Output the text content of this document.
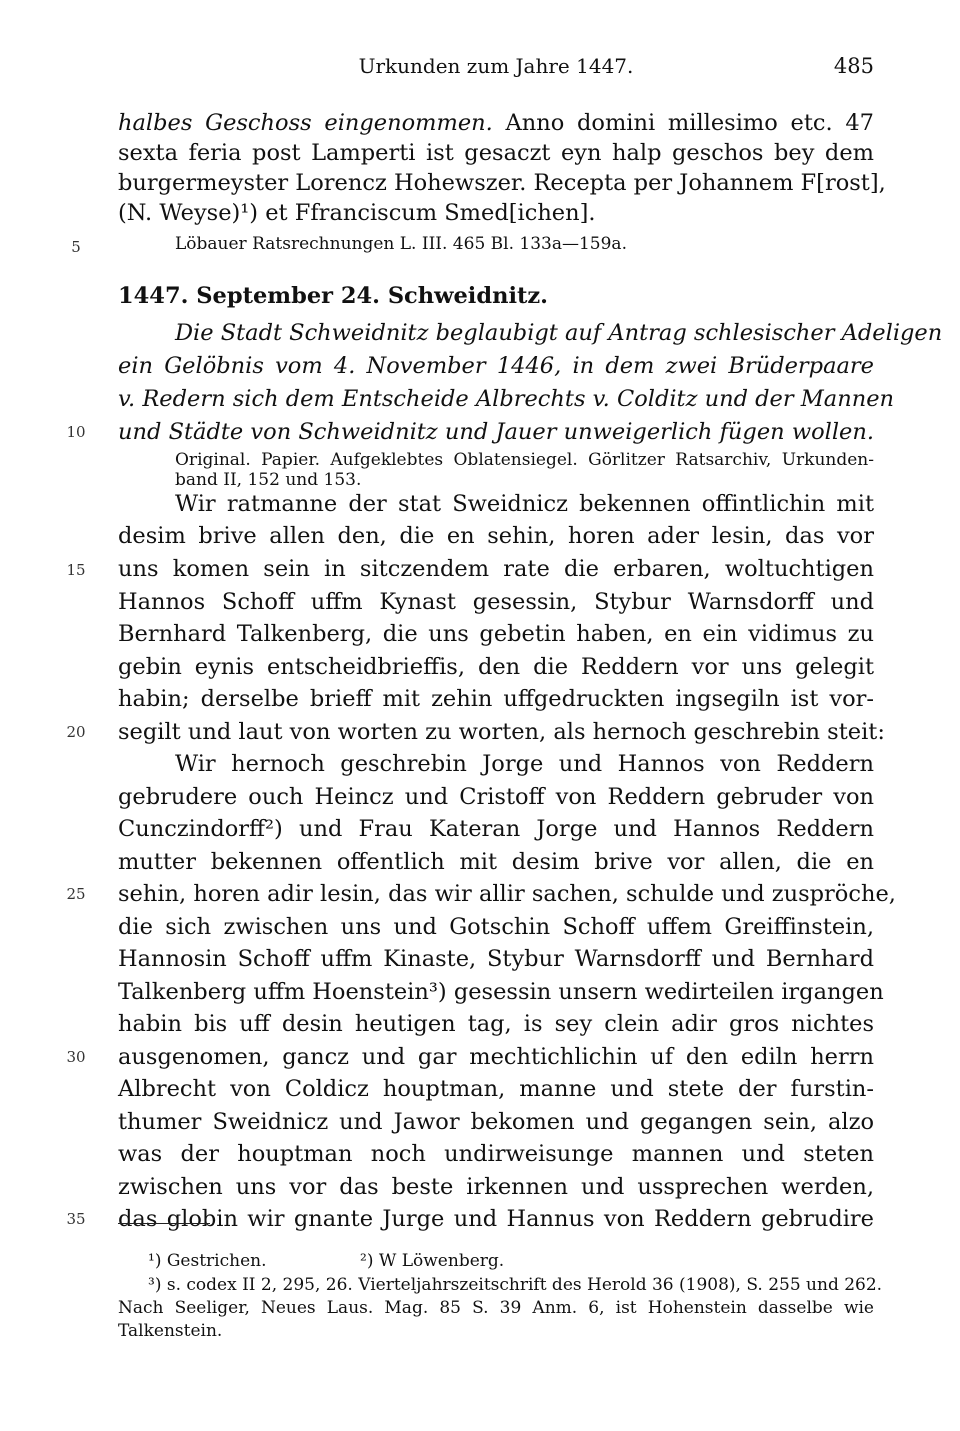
Urkunden zum Jahre 1447.	485
halbes Geschoss eingenommen. Anno domini millesimo etc. 47
sexta feria post Lamperti ist gesaczt eyn halp geschos bey dem
burgermeyster Lorencz Hohewszer. Recepta per Johannem F[rost],
(N. Weyse)¹) et Ffranciscum Smed[ichen].
Löbauer Ratsrechnungen L. III. 465 Bl. 133a—159a.
1447. September 24. Schweidnitz.
Die Stadt Schweidnitz beglaubigt auf Antrag schlesischer Adeligen
ein Gelöbnis vom 4. November 1446, in dem zwei Brüderpaare
v. Redern sich dem Entscheide Albrechts v. Colditz und der Mannen
und Städte von Schweidnitz und Jauer unweigerlich fügen wollen.
Original. Papier. Aufgeklebtes Oblatensiegel. Görlitzer Ratsarchiv, Urkunden-
band II, 152 und 153.
Wir ratmanne der stat Sweidnicz bekennen offintlichin mit
desim brive allen den, die en sehin, horen ader lesin, das vor
uns komen sein in sitczendem rate die erbaren, woltuchtigen
Hannos Schoff uffm Kynast gesessin, Stybur Warnsdorff und
Bernhard Talkenberg, die uns gebetin haben, en ein vidimus zu
gebin eynis entscheidbrieffis, den die Reddern vor uns gelegit
habin; derselbe brieff mit zehin uffgedruckten ingsegiln ist vor-
segilt und laut von worten zu worten, als hernoch geschrebin steit:
Wir hernoch geschrebin Jorge und Hannos von Reddern
gebrudere ouch Heincz und Cristoff von Reddern gebruder von
Cunczindorff²) und Frau Kateran Jorge und Hannos Reddern
mutter bekennen offentlich mit desim brive vor allen, die en
sehin, horen adir lesin, das wir allir sachen, schulde und zusprӧche,
die sich zwischen uns und Gotschin Schoff uffem Greiffinstein,
Hannosin Schoff uffm Kinaste, Stybur Warnsdorff und Bernhard
Talkenberg uffm Hoenstein³) gesessin unsern wedirteilen irgangen
habin bis uff desin heutigen tag, is sey clein adir gros nichtes
ausgenomen, gancz und gar mechtichlichin uf den ediln herrn
Albrecht von Coldicz houptman, manne und stete der furstin-
thumer Sweidnicz und Jawor bekomen und gegangen sein, alzo
was der houptman noch undirweisunge mannen und steten
zwischen uns vor das beste irkennen und ussprechen werden,
das globin wir gnante Jurge und Hannus von Reddern gebrudire
5
10
15
20
25
30
35
¹) Gestrichen.	²) W Löwenberg.
³) s. codex II 2, 295, 26. Vierteljahrszeitschrift des Herold 36 (1908), S. 255 und 262.
Nach Seeliger, Neues Laus. Mag. 85 S. 39 Anm. 6, ist Hohenstein dasselbe wie
Talkenstein.
